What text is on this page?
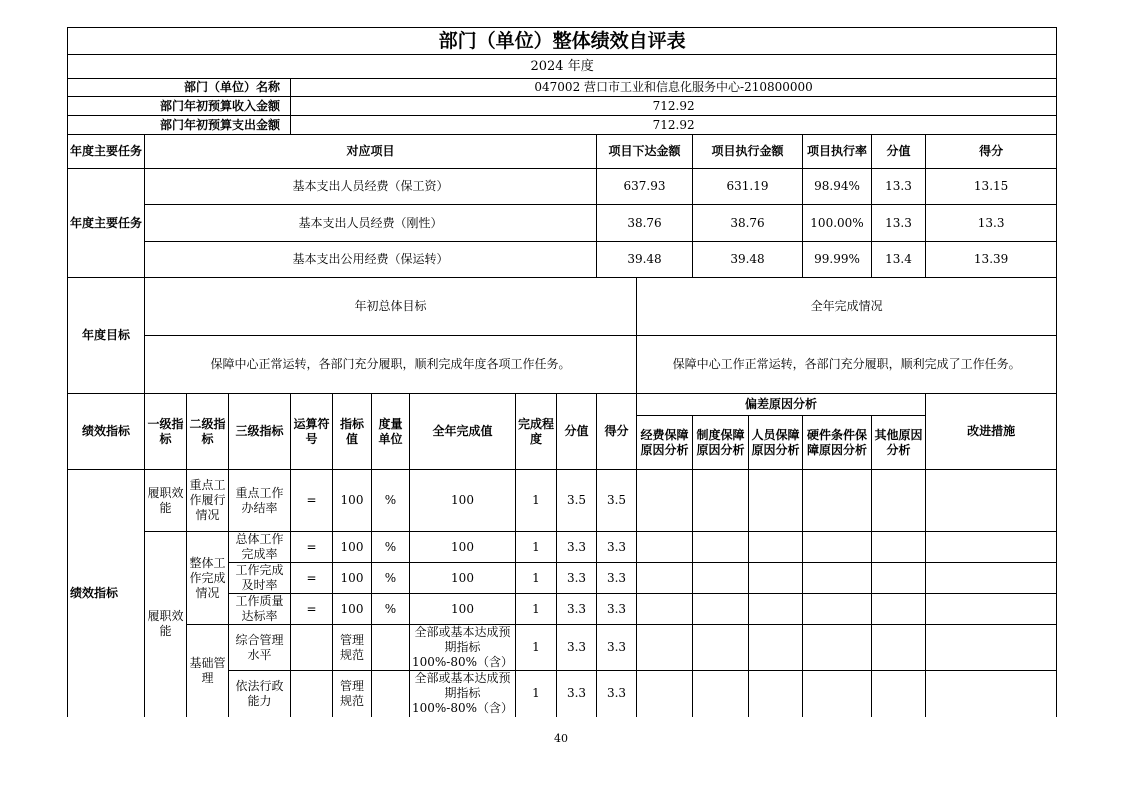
部门（单位）整体绩效自评表																
2024 年度																
部门（单位）名称				047002 营口市工业和信息化服务中心-210800000												
部门年初预算收入金额				712.92												
部门年初预算支出金额				712.92												
年度主要任务	对应项目									项目下达金额		项目执行金额		项目执行率	分值	得分
年度主要任务	基本支出人员经费（保工资）									637.93		631.19		98.94%	13.3	13.15
	基本支出人员经费（刚性）									38.76		38.76		100.00%	13.3	13.3
	基本支出公用经费（保运转）									39.48		39.48		99.99%	13.4	13.39
年度目标	年初总体目标										全年完成情况					
	保障中心正常运转，各部门充分履职，顺利完成年度各项工作任务。										保障中心工作正常运转，各部门充分履职，顺利完成了工作任务。					
绩效指标	一级指标	二级指标	三级指标	运算符号	指标值	度量单位	全年完成值	完成程度	分值	得分	偏差原因分析					改进措施
											经费保障原因分析	制度保障原因分析	人员保障原因分析	硬件条件保障原因分析	其他原因分析	
绩效指标	履职效能	重点工作履行情况	重点工作办结率	=	100	%	100	1	3.5	3.5						
	履职效能	整体工作完成情况	总体工作完成率	=	100	%	100	1	3.3	3.3						
			工作完成及时率	=	100	%	100	1	3.3	3.3						
			工作质量达标率	=	100	%	100	1	3.3	3.3						
		基础管理	综合管理水平		管理规范		全部或基本达成预期指标 100%-80%（含）	1	3.3	3.3						
			依法行政能力		管理规范		全部或基本达成预期指标 100%-80%（含）	1	3.3	3.3						
40
